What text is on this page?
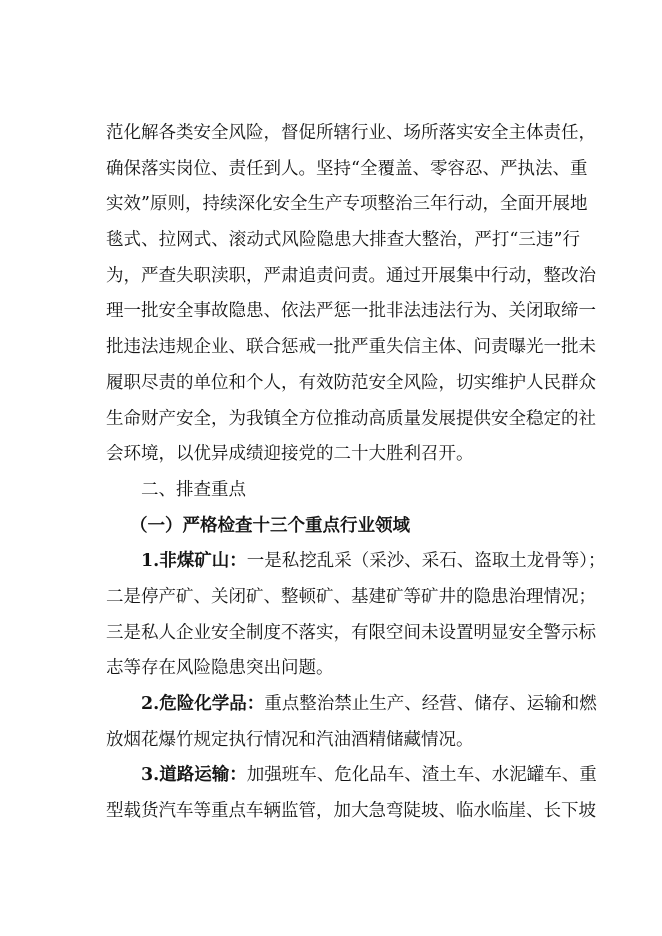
范化解各类安全风险，督促所辖行业、场所落实安全主体责任，
确保落实岗位、责任到人。坚持“全覆盖、零容忍、严执法、重
实效”原则，持续深化安全生产专项整治三年行动，全面开展地
毯式、拉网式、滚动式风险隐患大排查大整治，严打“三违”行
为，严查失职渎职，严肃追责问责。通过开展集中行动，整改治
理一批安全事故隐患、依法严惩一批非法违法行为、关闭取缔一
批违法违规企业、联合惩戒一批严重失信主体、问责曝光一批未
履职尽责的单位和个人，有效防范安全风险，切实维护人民群众
生命财产安全，为我镇全方位推动高质量发展提供安全稳定的社
会环境，以优异成绩迎接党的二十大胜利召开。
二、排查重点
（一）严格检查十三个重点行业领域
1.非煤矿山：一是私挖乱采（采沙、采石、盗取土龙骨等）；
二是停产矿、关闭矿、整顿矿、基建矿等矿井的隐患治理情况；
三是私人企业安全制度不落实，有限空间未设置明显安全警示标
志等存在风险隐患突出问题。
2.危险化学品：重点整治禁止生产、经营、储存、运输和燃
放烟花爆竹规定执行情况和汽油酒精储藏情况。
3.道路运输：加强班车、危化品车、渣土车、水泥罐车、重
型载货汽车等重点车辆监管，加大急弯陡坡、临水临崖、长下坡
